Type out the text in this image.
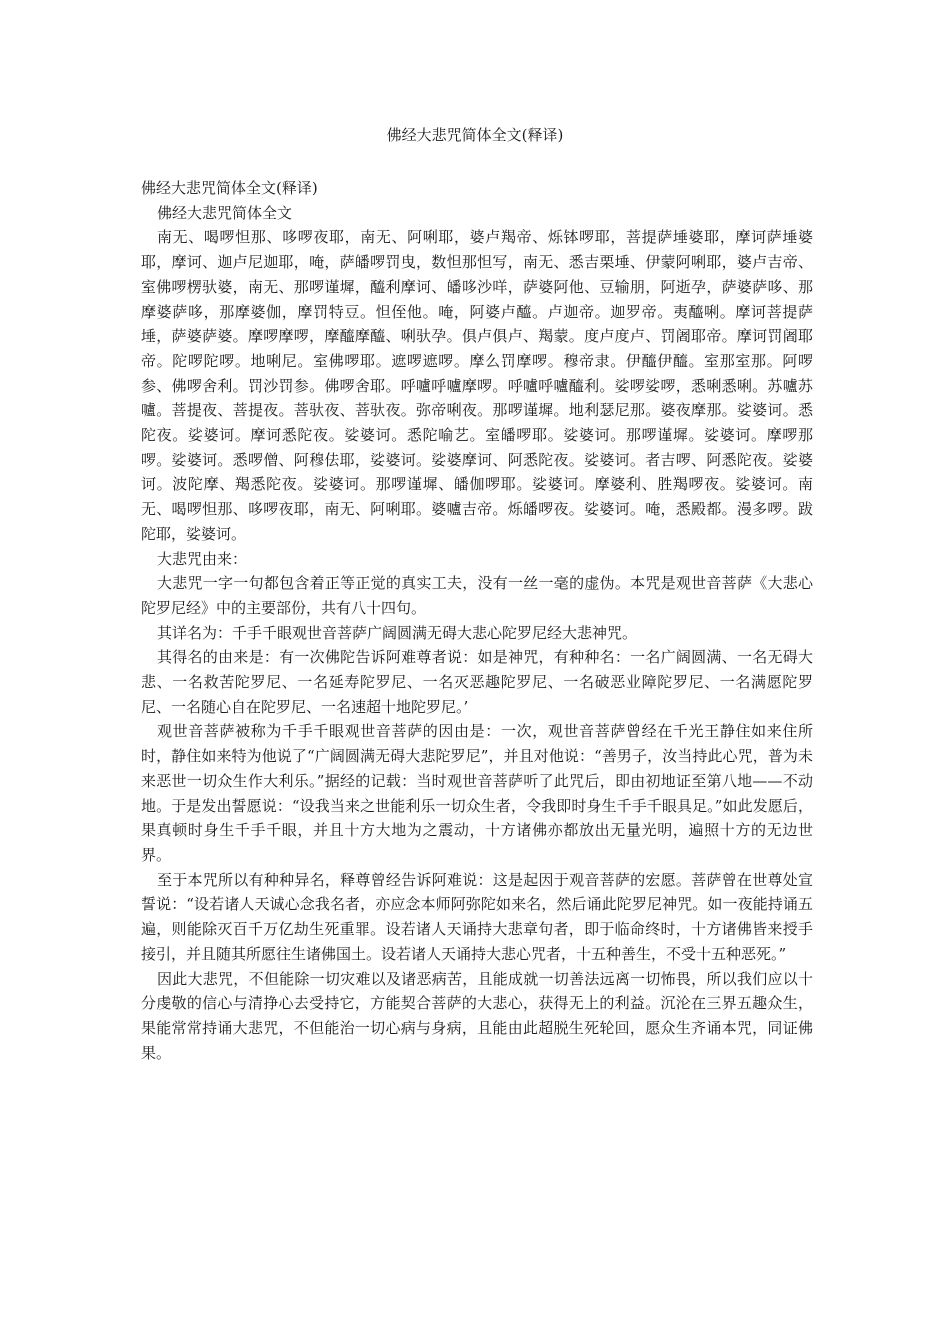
佛经大悲咒简体全文(释译)

佛经大悲咒简体全文(释译)

佛经大悲咒简体全文

南无、喝啰怛那、哆啰夜耶，南无、阿唎耶，婆卢羯帝、烁钵啰耶，菩提萨埵婆耶，摩诃萨埵婆耶，摩诃、迦卢尼迦耶，唵，萨皤啰罚曳，数怛那怛写，南无、悉吉栗埵、伊蒙阿唎耶，婆卢吉帝、室佛啰楞驮婆，南无、那啰谨墀，醯利摩诃、皤哆沙咩，萨婆阿他、豆输朋，阿逝孕，萨婆萨哆、那摩婆萨哆，那摩婆伽，摩罚特豆。怛侄他。唵，阿婆卢醯。卢迦帝。迦罗帝。夷醯唎。摩诃菩提萨埵，萨婆萨婆。摩啰摩啰，摩醯摩醯、唎驮孕。俱卢俱卢、羯蒙。度卢度卢、罚阇耶帝。摩诃罚阇耶帝。陀啰陀啰。地唎尼。室佛啰耶。遮啰遮啰。摩么罚摩啰。穆帝隶。伊醯伊醯。室那室那。阿啰参、佛啰舍利。罚沙罚参。佛啰舍耶。呼嚧呼嚧摩啰。呼嚧呼嚧醯利。娑啰娑啰，悉唎悉唎。苏嚧苏嚧。菩提夜、菩提夜。菩驮夜、菩驮夜。弥帝唎夜。那啰谨墀。地利瑟尼那。婆夜摩那。娑婆诃。悉陀夜。娑婆诃。摩诃悉陀夜。娑婆诃。悉陀喻艺。室皤啰耶。娑婆诃。那啰谨墀。娑婆诃。摩啰那啰。娑婆诃。悉啰僧、阿穆佉耶，娑婆诃。娑婆摩诃、阿悉陀夜。娑婆诃。者吉啰、阿悉陀夜。娑婆诃。波陀摩、羯悉陀夜。娑婆诃。那啰谨墀、皤伽啰耶。娑婆诃。摩婆利、胜羯啰夜。娑婆诃。南无、喝啰怛那、哆啰夜耶，南无、阿唎耶。婆嚧吉帝。烁皤啰夜。娑婆诃。唵，悉殿都。漫多啰。跋陀耶，娑婆诃。

大悲咒由来：

大悲咒一字一句都包含着正等正觉的真实工夫，没有一丝一毫的虚伪。本咒是观世音菩萨《大悲心陀罗尼经》中的主要部份，共有八十四句。

其详名为：千手千眼观世音菩萨广阔圆满无碍大悲心陀罗尼经大悲神咒。

其得名的由来是：有一次佛陀告诉阿难尊者说：如是神咒，有种种名：一名广阔圆满、一名无碍大悲、一名救苦陀罗尼、一名延寿陀罗尼、一名灭恶趣陀罗尼、一名破恶业障陀罗尼、一名满愿陀罗尼、一名随心自在陀罗尼、一名速超十地陀罗尼。’

观世音菩萨被称为千手千眼观世音菩萨的因由是：一次，观世音菩萨曾经在千光王静住如来住所时，静住如来特为他说了“广阔圆满无碍大悲陀罗尼”，并且对他说：“善男子，汝当持此心咒，普为未来恶世一切众生作大利乐。”据经的记载：当时观世音菩萨听了此咒后，即由初地证至第八地——不动地。于是发出誓愿说：“设我当来之世能利乐一切众生者，令我即时身生千手千眼具足。”如此发愿后，果真顿时身生千手千眼，并且十方大地为之震动，十方诸佛亦都放出无量光明，遍照十方的无边世界。

至于本咒所以有种种异名，释尊曾经告诉阿难说：这是起因于观音菩萨的宏愿。菩萨曾在世尊处宣誓说：“设若诸人天诚心念我名者，亦应念本师阿弥陀如来名，然后诵此陀罗尼神咒。如一夜能持诵五遍，则能除灭百千万亿劫生死重罪。设若诸人天诵持大悲章句者，即于临命终时，十方诸佛皆来授手接引，并且随其所愿往生诸佛国土。设若诸人天诵持大悲心咒者，十五种善生，不受十五种恶死。”

因此大悲咒，不但能除一切灾难以及诸恶病苦，且能成就一切善法远离一切怖畏，所以我们应以十分虔敬的信心与清挣心去受持它，方能契合菩萨的大悲心，获得无上的利益。沉沦在三界五趣众生，果能常常持诵大悲咒，不但能治一切心病与身病，且能由此超脱生死轮回，愿众生齐诵本咒，同证佛果。
